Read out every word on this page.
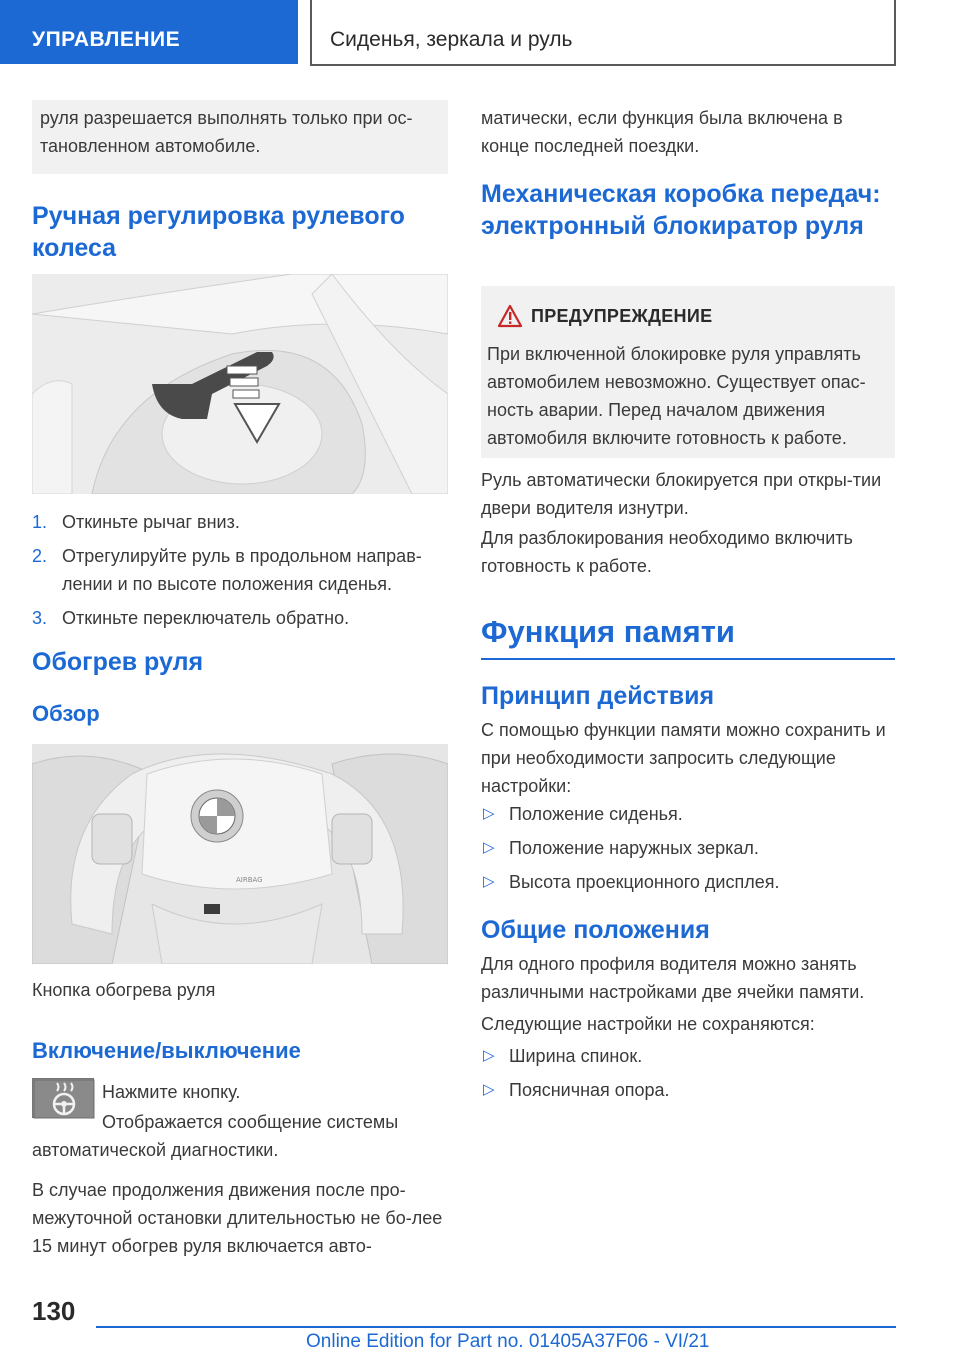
УПРАВЛЕНИЕ	Сиденья, зеркала и руль
руля разрешается выполнять только при ос-тановленном автомобиле.
Ручная регулировка рулевого колеса
1. Откиньте рычаг вниз.
2. Отрегулируйте руль в продольном направ-лении и по высоте положения сиденья.
3. Откиньте переключатель обратно.
Обогрев руля
Обзор
AIRBAG

Кнопка обогрева руля

Включение/выключение

Нажмите кнопку.

Отображается сообщение системы автоматической диагностики.

В случае продолжения движения после про-межуточной остановки длительностью не бо-лее 15 минут обогрев руля включается авто-

матически, если функция была включена в конце последней поездки.

Механическая коробка передач: электронный блокиратор руля
ПРЕДУПРЕЖДЕНИЕ

При включенной блокировке руля управлять автомобилем невозможно. Существует опас-ность аварии. Перед началом движения автомобиля включите готовность к работе.

Руль автоматически блокируется при откры-тии двери водителя изнутри.

Для разблокирования необходимо включить готовность к работе.

Функция памяти
Принцип действия

С помощью функции памяти можно сохранить и при необходимости запросить следующие настройки:

▷ Положение сиденья.
▷ Положение наружных зеркал.
▷ Высота проекционного дисплея.
Общие положения

Для одного профиля водителя можно занять различными настройками две ячейки памяти.

Следующие настройки не сохраняются:

▷ Ширина спинок.
▷ Поясничная опора.
130
Online Edition for Part no. 01405A37F06 - VI/21
